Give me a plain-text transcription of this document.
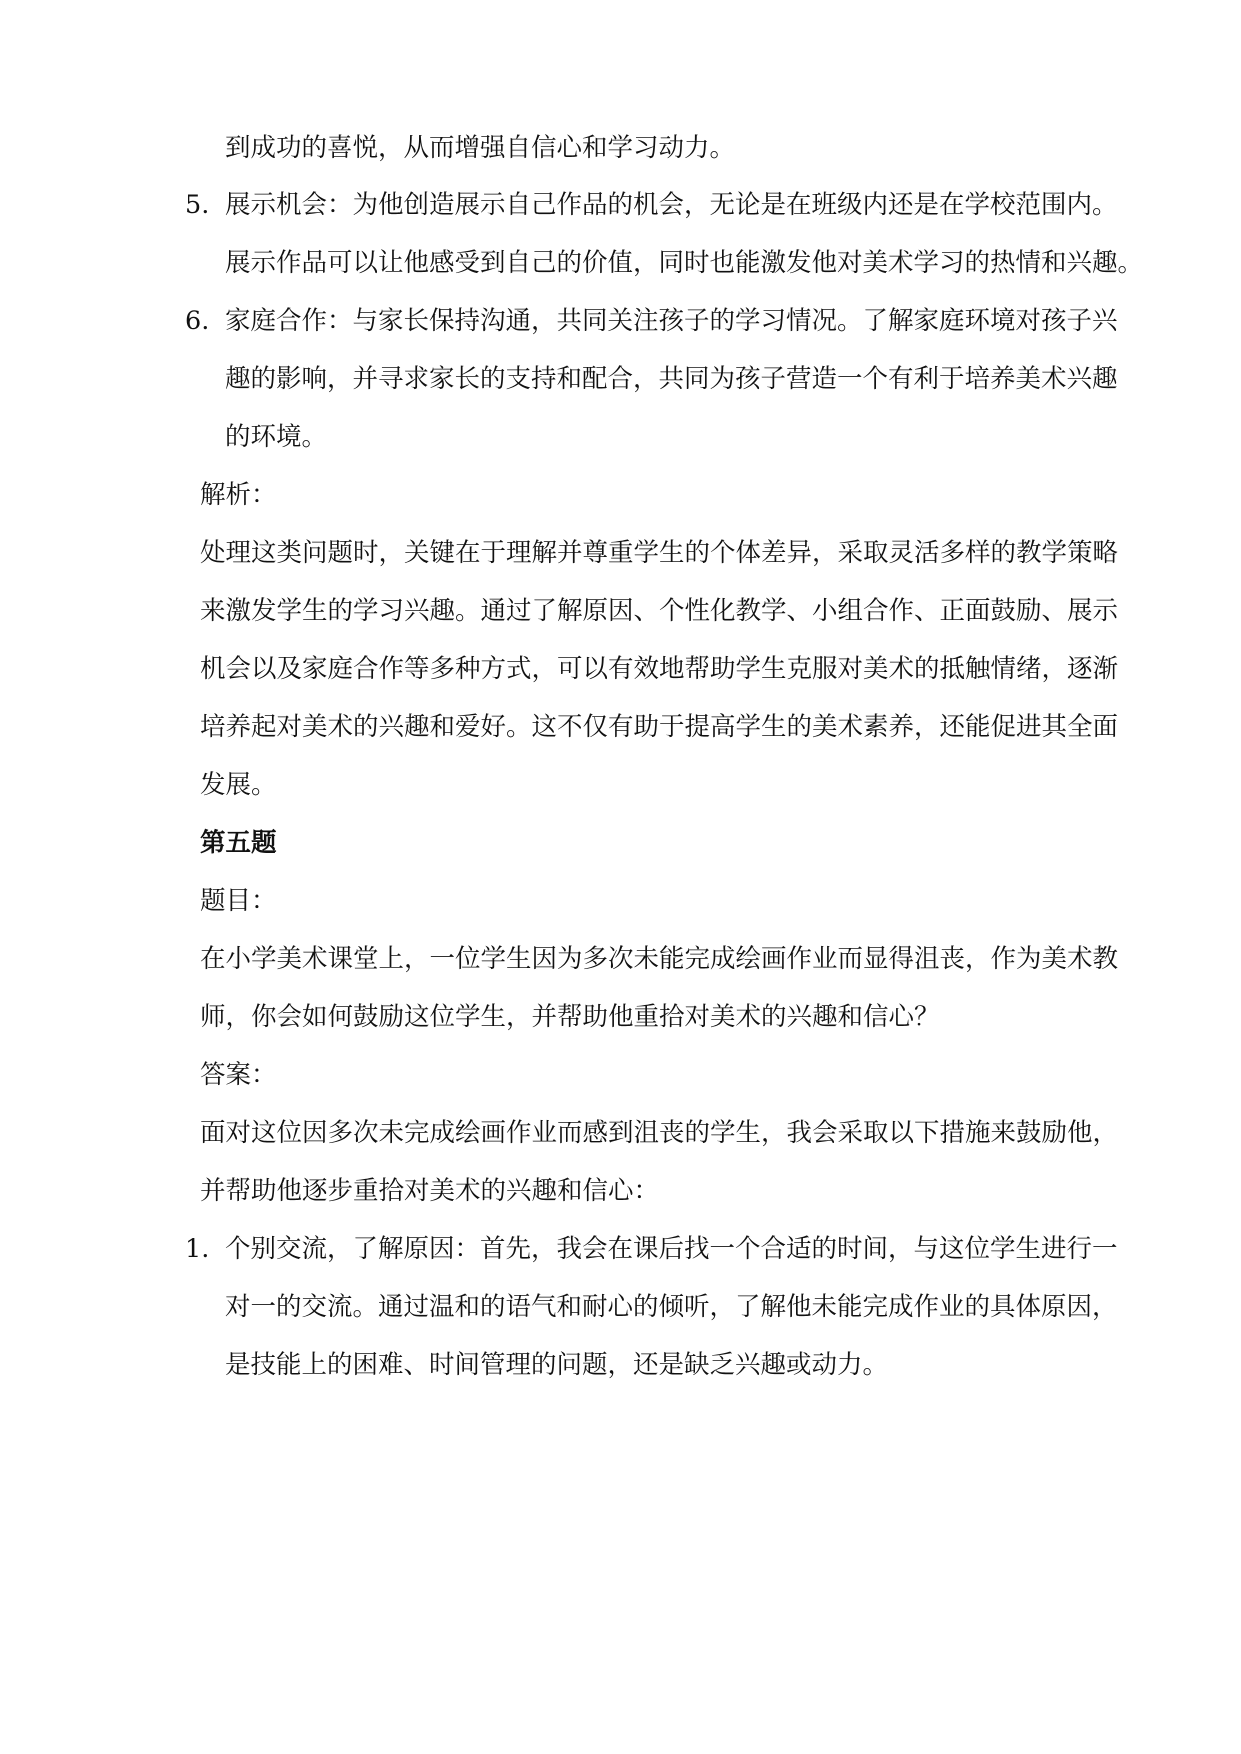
到成功的喜悦，从而增强自信心和学习动力。
5. 展示机会：为他创造展示自己作品的机会，无论是在班级内还是在学校范围内。
展示作品可以让他感受到自己的价值，同时也能激发他对美术学习的热情和兴趣。
6. 家庭合作：与家长保持沟通，共同关注孩子的学习情况。了解家庭环境对孩子兴
趣的影响，并寻求家长的支持和配合，共同为孩子营造一个有利于培养美术兴趣
的环境。
解析：
处理这类问题时，关键在于理解并尊重学生的个体差异，采取灵活多样的教学策略
来激发学生的学习兴趣。通过了解原因、个性化教学、小组合作、正面鼓励、展示
机会以及家庭合作等多种方式，可以有效地帮助学生克服对美术的抵触情绪，逐渐
培养起对美术的兴趣和爱好。这不仅有助于提高学生的美术素养，还能促进其全面
发展。
第五题
题目：
在小学美术课堂上，一位学生因为多次未能完成绘画作业而显得沮丧，作为美术教
师，你会如何鼓励这位学生，并帮助他重拾对美术的兴趣和信心？
答案：
面对这位因多次未完成绘画作业而感到沮丧的学生，我会采取以下措施来鼓励他，
并帮助他逐步重拾对美术的兴趣和信心：
1. 个别交流，了解原因：首先，我会在课后找一个合适的时间，与这位学生进行一
对一的交流。通过温和的语气和耐心的倾听，了解他未能完成作业的具体原因，
是技能上的困难、时间管理的问题，还是缺乏兴趣或动力。
